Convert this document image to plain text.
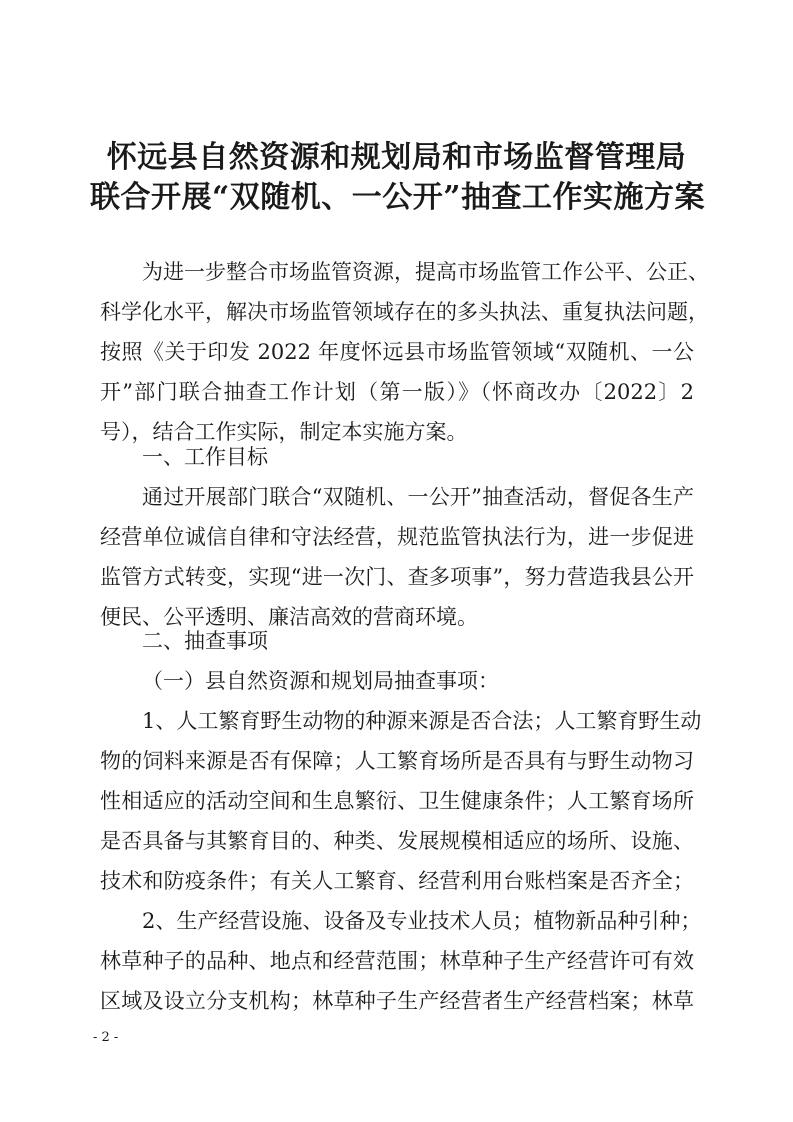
怀远县自然资源和规划局和市场监督管理局
联合开展“双随机、一公开”抽查工作实施方案
为进一步整合市场监管资源，提高市场监管工作公平、公正、
科学化水平，解决市场监管领域存在的多头执法、重复执法问题，
按照《关于印发 2022 年度怀远县市场监管领域“双随机、一公
开”部门联合抽查工作计划（第一版）》（怀商改办〔2022〕2
号），结合工作实际，制定本实施方案。
一、工作目标
通过开展部门联合“双随机、一公开”抽查活动，督促各生产
经营单位诚信自律和守法经营，规范监管执法行为，进一步促进
监管方式转变，实现“进一次门、查多项事”，努力营造我县公开
便民、公平透明、廉洁高效的营商环境。
二、抽查事项
（一）县自然资源和规划局抽查事项：
1、人工繁育野生动物的种源来源是否合法；人工繁育野生动
物的饲料来源是否有保障；人工繁育场所是否具有与野生动物习
性相适应的活动空间和生息繁衍、卫生健康条件；人工繁育场所
是否具备与其繁育目的、种类、发展规模相适应的场所、设施、
技术和防疫条件；有关人工繁育、经营利用台账档案是否齐全；
2、生产经营设施、设备及专业技术人员；植物新品种引种；
林草种子的品种、地点和经营范围；林草种子生产经营许可有效
区域及设立分支机构；林草种子生产经营者生产经营档案；林草
- 2 -
